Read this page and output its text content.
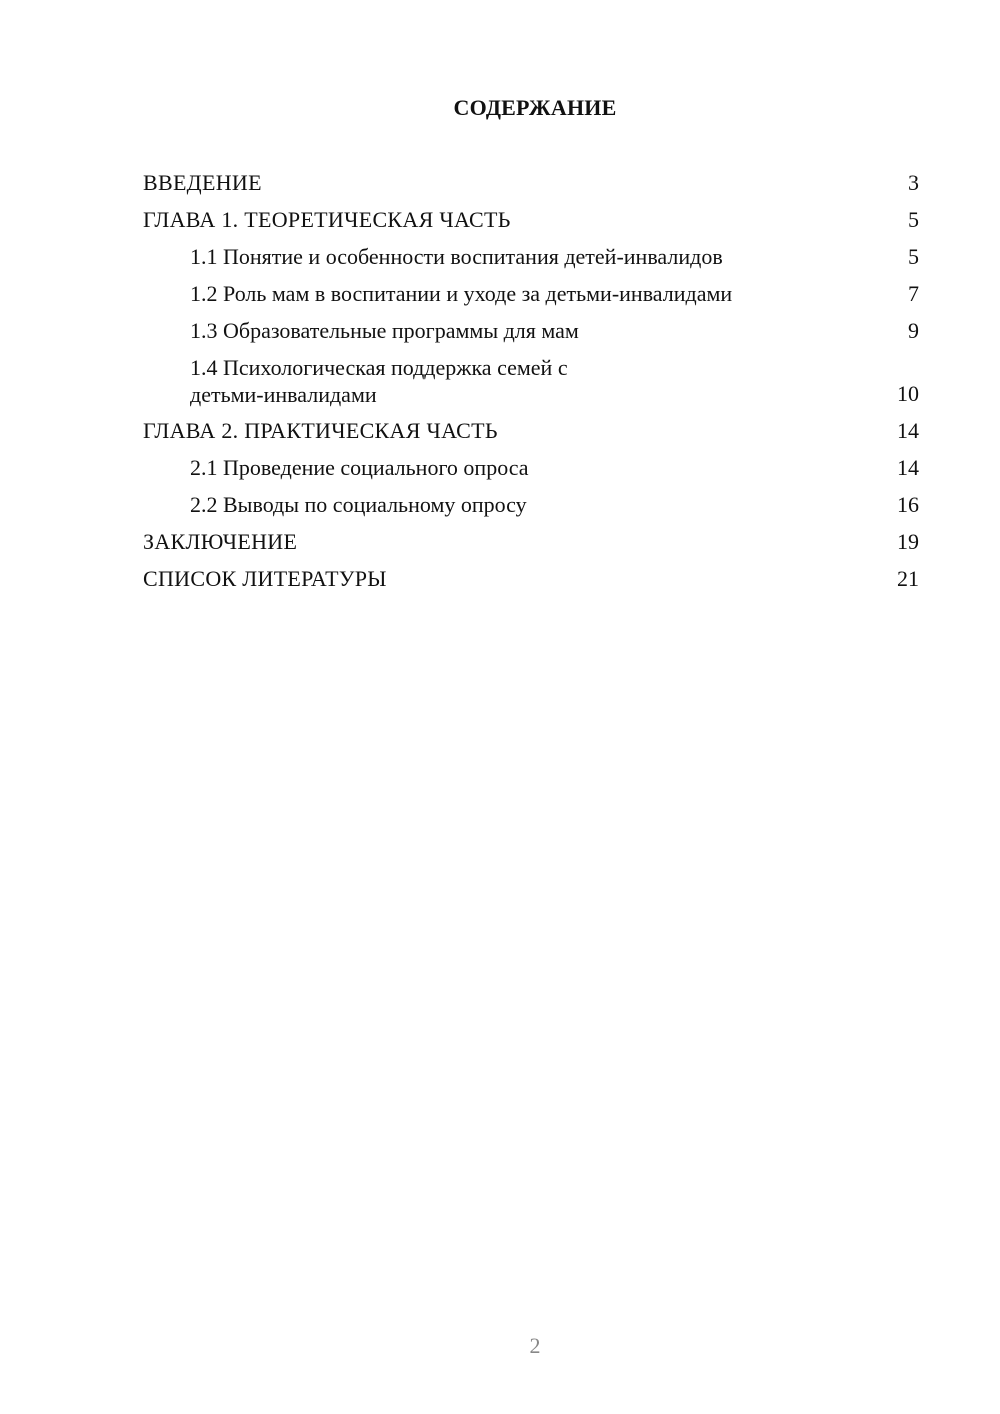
СОДЕРЖАНИЕ
ВВЕДЕНИЕ	3
ГЛАВА 1. ТЕОРЕТИЧЕСКАЯ ЧАСТЬ	5
1.1 Понятие и особенности воспитания детей-инвалидов	5
1.2 Роль мам в воспитании и уходе за детьми-инвалидами	7
1.3 Образовательные программы для мам	9
1.4 Психологическая поддержка семей с детьми-инвалидами	10
ГЛАВА 2. ПРАКТИЧЕСКАЯ ЧАСТЬ	14
2.1 Проведение социального опроса	14
2.2 Выводы по социальному опросу	16
ЗАКЛЮЧЕНИЕ	19
СПИСОК ЛИТЕРАТУРЫ	21
2
